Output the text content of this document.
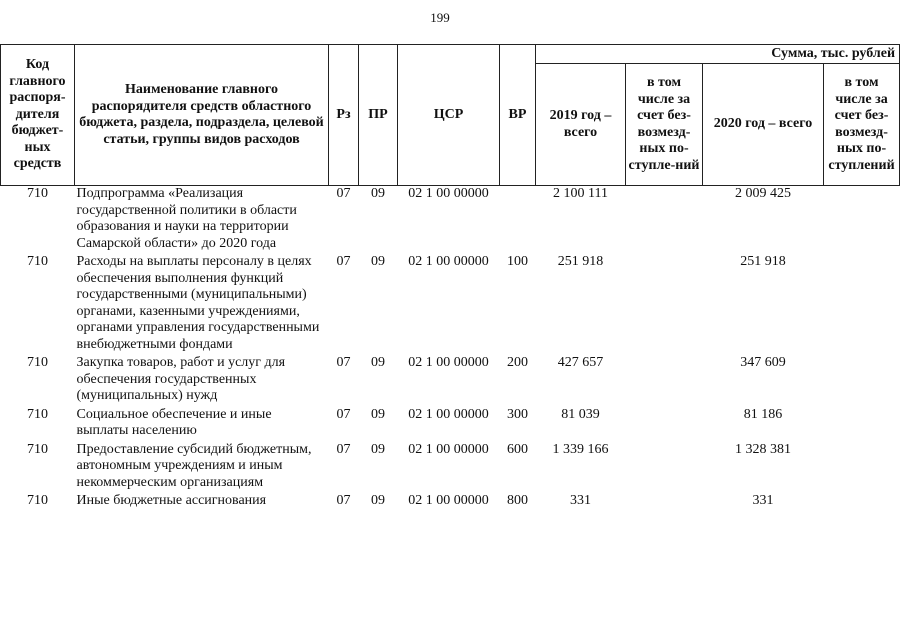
199
Код главного распоря-дителя бюджет-ных средств	Наименование главного распорядителя средств областного бюджета, раздела, подраздела, целевой статьи, группы видов расходов	Рз	ПР	ЦСР	ВР	Сумма, тыс. рублей			
						2019 год – всего	в том числе за счет без-возмезд-ных по-ступле-ний	2020 год – всего	в том числе за счет без-возмезд-ных по-ступлений
710	Подпрограмма «Реализация государственной политики в области образования и науки на территории Самарской области» до 2020 года	07	09	02 1 00 00000		2 100 111		2 009 425	
710	Расходы на выплаты персоналу в целях обеспечения выполнения функций государственными (муниципальными) органами, казенными учреждениями, органами управления государственными внебюджетными фондами	07	09	02 1 00 00000	100	251 918		251 918	
710	Закупка товаров, работ и услуг для обеспечения государственных (муниципальных) нужд	07	09	02 1 00 00000	200	427 657		347 609	
710	Социальное обеспечение и иные выплаты населению	07	09	02 1 00 00000	300	81 039		81 186	
710	Предоставление субсидий бюджетным, автономным учреждениям и иным некоммерческим организациям	07	09	02 1 00 00000	600	1 339 166		1 328 381	
710	Иные бюджетные ассигнования	07	09	02 1 00 00000	800	331		331	
